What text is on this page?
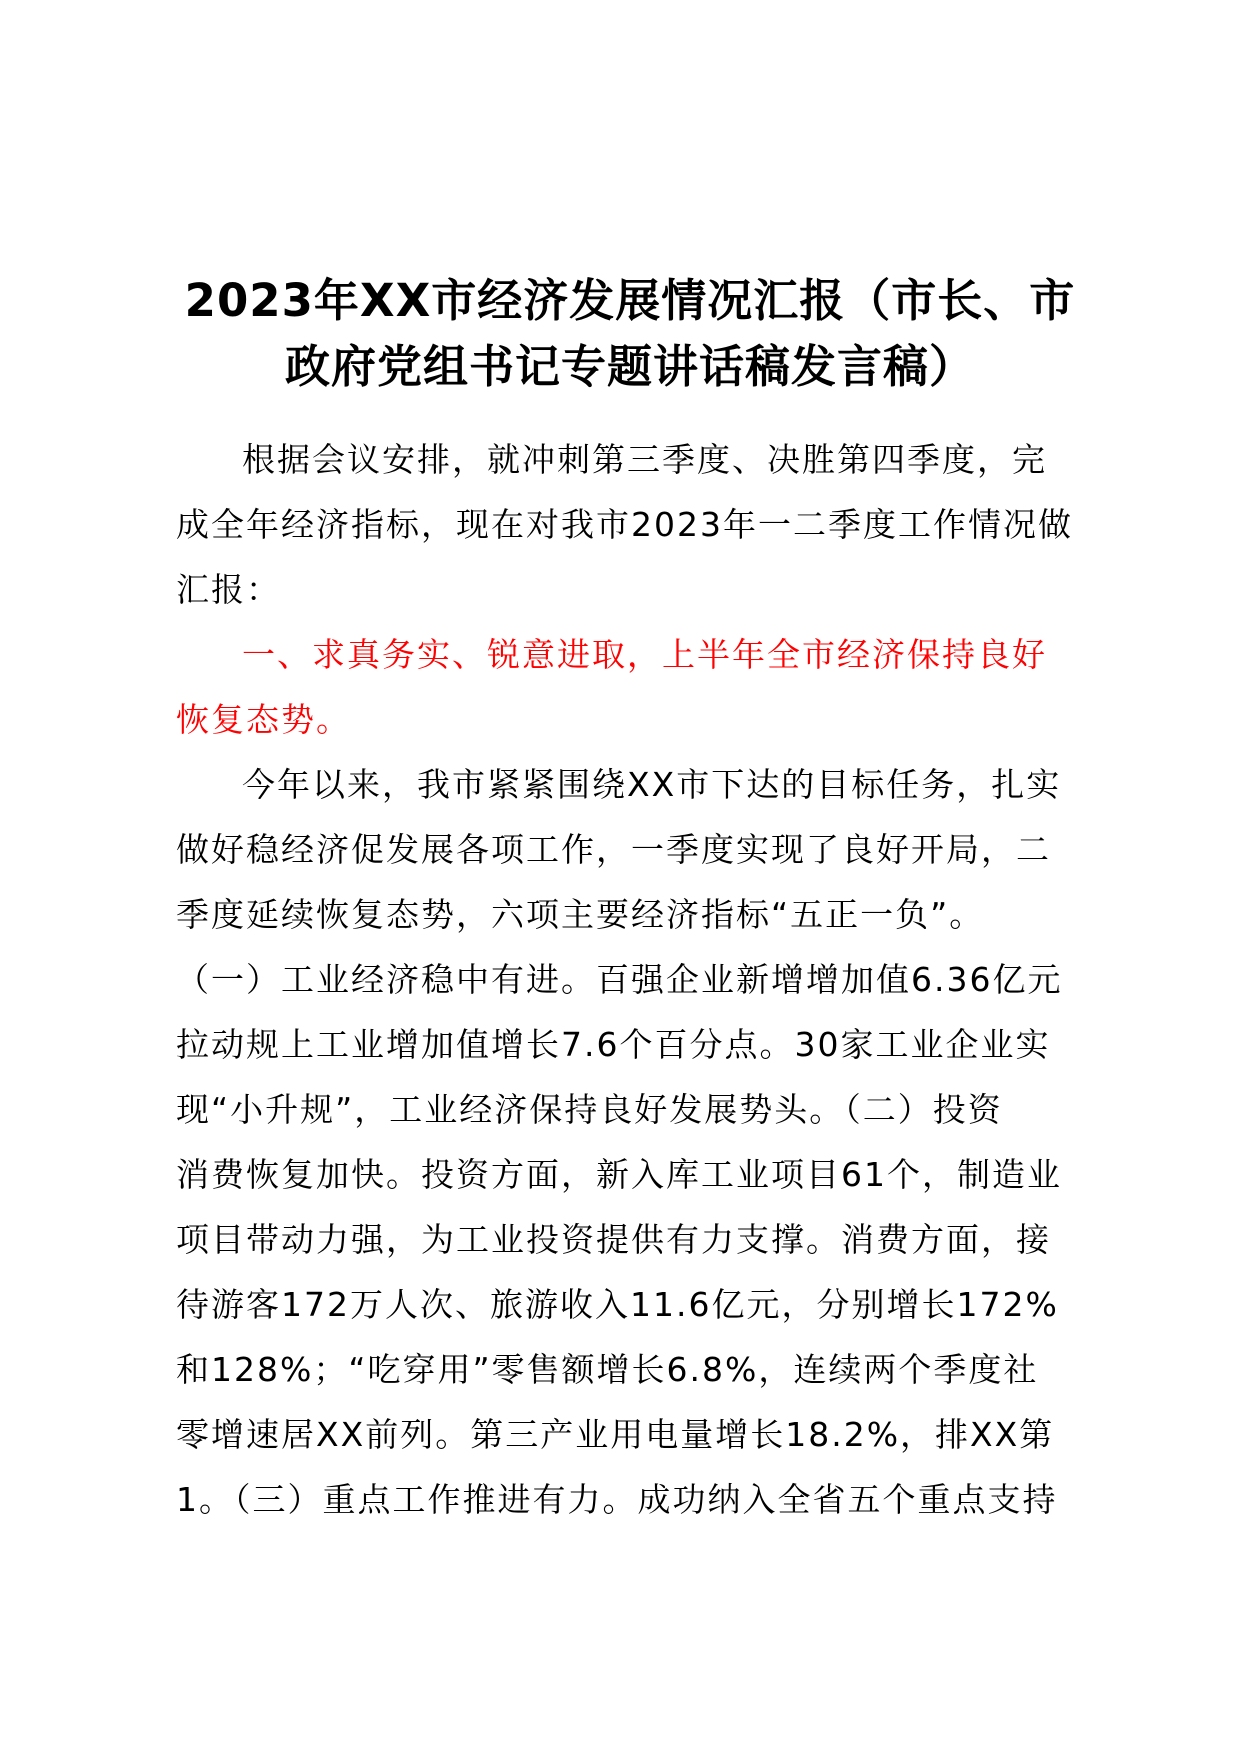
2023年XX市经济发展情况汇报（市长、市
政府党组书记专题讲话稿发言稿）
根据会议安排，就冲刺第三季度、决胜第四季度，完
成全年经济指标，现在对我市2023年一二季度工作情况做
汇报：
一、求真务实、锐意进取，上半年全市经济保持良好
恢复态势。
今年以来，我市紧紧围绕XX市下达的目标任务，扎实
做好稳经济促发展各项工作，一季度实现了良好开局，二
季度延续恢复态势，六项主要经济指标“五正一负”。
（一）工业经济稳中有进。百强企业新增增加值6.36亿元
拉动规上工业增加值增长7.6个百分点。30家工业企业实
现“小升规”，工业经济保持良好发展势头。（二）投资
消费恢复加快。投资方面，新入库工业项目61个，制造业
项目带动力强，为工业投资提供有力支撑。消费方面，接
待游客172万人次、旅游收入11.6亿元，分别增长172%
和128%；“吃穿用”零售额增长6.8%，连续两个季度社
零增速居XX前列。第三产业用电量增长18.2%，排XX第
1。（三）重点工作推进有力。成功纳入全省五个重点支持
